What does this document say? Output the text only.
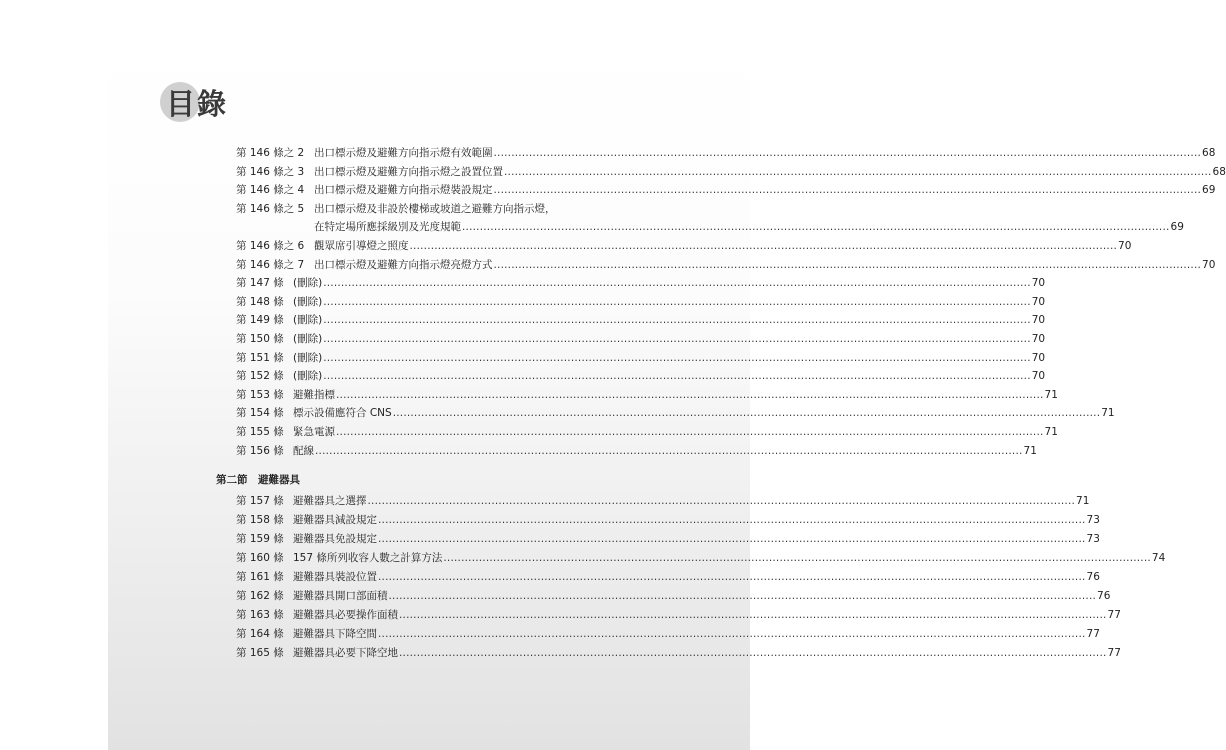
目錄
第 146 條之 2 出口標示燈及避難方向指示燈有效範圍 ........................................................................................................................................................................................................ 68
第 146 條之 3 出口標示燈及避難方向指示燈之設置位置 ........................................................................................................................................................................................................ 68
第 146 條之 4 出口標示燈及避難方向指示燈裝設規定 ........................................................................................................................................................................................................ 69
第 146 條之 5 出口標示燈及非設於樓梯或坡道之避難方向指示燈，
在特定場所應採級別及光度規範 ........................................................................................................................................................................................................ 69
第 146 條之 6 觀眾席引導燈之照度 ........................................................................................................................................................................................................ 70
第 146 條之 7 出口標示燈及避難方向指示燈亮燈方式 ........................................................................................................................................................................................................ 70
第 147 條 (刪除) ........................................................................................................................................................................................................ 70
第 148 條 (刪除) ........................................................................................................................................................................................................ 70
第 149 條 (刪除) ........................................................................................................................................................................................................ 70
第 150 條 (刪除) ........................................................................................................................................................................................................ 70
第 151 條 (刪除) ........................................................................................................................................................................................................ 70
第 152 條 (刪除) ........................................................................................................................................................................................................ 70
第 153 條 避難指標 ........................................................................................................................................................................................................ 71
第 154 條 標示設備應符合 CNS ........................................................................................................................................................................................................ 71
第 155 條 緊急電源 ........................................................................................................................................................................................................ 71
第 156 條 配線 ........................................................................................................................................................................................................ 71
第二節　避難器具
第 157 條 避難器具之選擇 ........................................................................................................................................................................................................ 71
第 158 條 避難器具減設規定 ........................................................................................................................................................................................................ 73
第 159 條 避難器具免設規定 ........................................................................................................................................................................................................ 73
第 160 條 157 條所列收容人數之計算方法 ........................................................................................................................................................................................................ 74
第 161 條 避難器具裝設位置 ........................................................................................................................................................................................................ 76
第 162 條 避難器具開口部面積 ........................................................................................................................................................................................................ 76
第 163 條 避難器具必要操作面積 ........................................................................................................................................................................................................ 77
第 164 條 避難器具下降空間 ........................................................................................................................................................................................................ 77
第 165 條 避難器具必要下降空地 ........................................................................................................................................................................................................ 77
